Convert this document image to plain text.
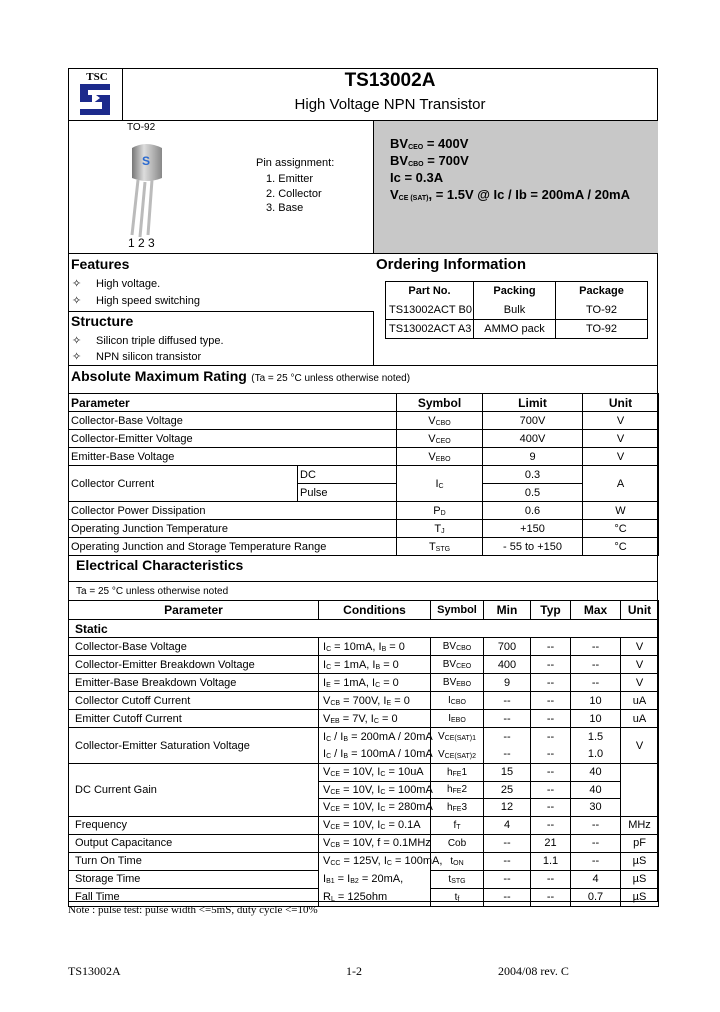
TSC	TS13002A
High Voltage NPN Transistor
TO-92
S
1 2 3
Pin assignment:
1. Emitter
2. Collector
3. Base
$BV_{CEO} = 400V$
$BV_{CBO} = 700V$
Ic = 0.3A
$V_{CE (SAT)}$, = 1.5V @ Ic / Ib = 200mA / 20mA
Features
✧ High voltage.
✧ High speed switching
Structure
✧ Silicon triple diffused type.
✧ NPN silicon transistor
Ordering Information
Part No.	Packing	Package
TS13002ACT B0	Bulk	TO-92
TS13002ACT A3	AMMO pack	TO-92
Absolute Maximum Rating (Ta = 25 °C unless otherwise noted)
Parameter		Symbol	Limit	Unit
Collector-Base Voltage		$V_{CBO}$	700V	V
Collector-Emitter Voltage		$V_{CEO}$	400V	V
Emitter-Base Voltage		$V_{EBO}$	9	V
Collector Current	DC	$I_C$	0.3	A
	Pulse		0.5	
Collector Power Dissipation		$P_D$	0.6	W
Operating Junction Temperature		$T_J$	+150	°C
Operating Junction and Storage Temperature Range		$T_{STG}$	- 55 to +150	°C
Electrical Characteristics
Ta = 25 °C unless otherwise noted
Parameter	Conditions	Symbol	Min	Typ	Max	Unit
Static						
Collector-Base Voltage	$I_C = 10mA$, $I_B = 0$	$BV_{CBO}$	700	--	--	V
Collector-Emitter Breakdown Voltage	$I_C = 1mA$, $I_B = 0$	$BV_{CEO}$	400	--	--	V
Emitter-Base Breakdown Voltage	$I_E = 1mA$, $I_C = 0$	$BV_{EBO}$	9	--	--	V
Collector Cutoff Current	$V_{CB} = 700V$, $I_E = 0$	$I_{CBO}$	--	--	10	uA
Emitter Cutoff Current	$V_{EB} = 7V$, $I_C = 0$	$I_{EBO}$	--	--	10	uA
Collector-Emitter Saturation Voltage	$I_C / I_B = 200mA / 20mA$	$V_{CE(SAT)1}$	--	--	1.5	V
	$I_C / I_B = 100mA / 10mA$	$V_{CE(SAT)2}$	--	--	1.0	
DC Current Gain	$V_{CE} = 10V$, $I_C = 10uA$	$h_{FE}1$	15	--	40	
	$V_{CE} = 10V$, $I_C = 100mA$	$h_{FE}2$	25	--	40	
	$V_{CE} = 10V$, $I_C = 280mA$	$h_{FE}3$	12	--	30	
Frequency	$V_{CE} = 10V$, $I_C = 0.1A$	$f_T$	4	--	--	MHz
Output Capacitance	$V_{CB} = 10V$, f = 0.1MHz	Cob	--	21	--	pF
Turn On Time	$V_{CC} = 125V$, $I_C = 100mA$,	$t_{ON}$	--	1.1	--	µS
Storage Time	$I_{B1} = I_{B2} = 20mA$,	$t_{STG}$	--	--	4	µS
Fall Time	$R_L = 125ohm$	$t_f$	--	--	0.7	µS
Note : pulse test: pulse width <=5mS, duty cycle <=10%
TS13002A	1-2	2004/08 rev. C
